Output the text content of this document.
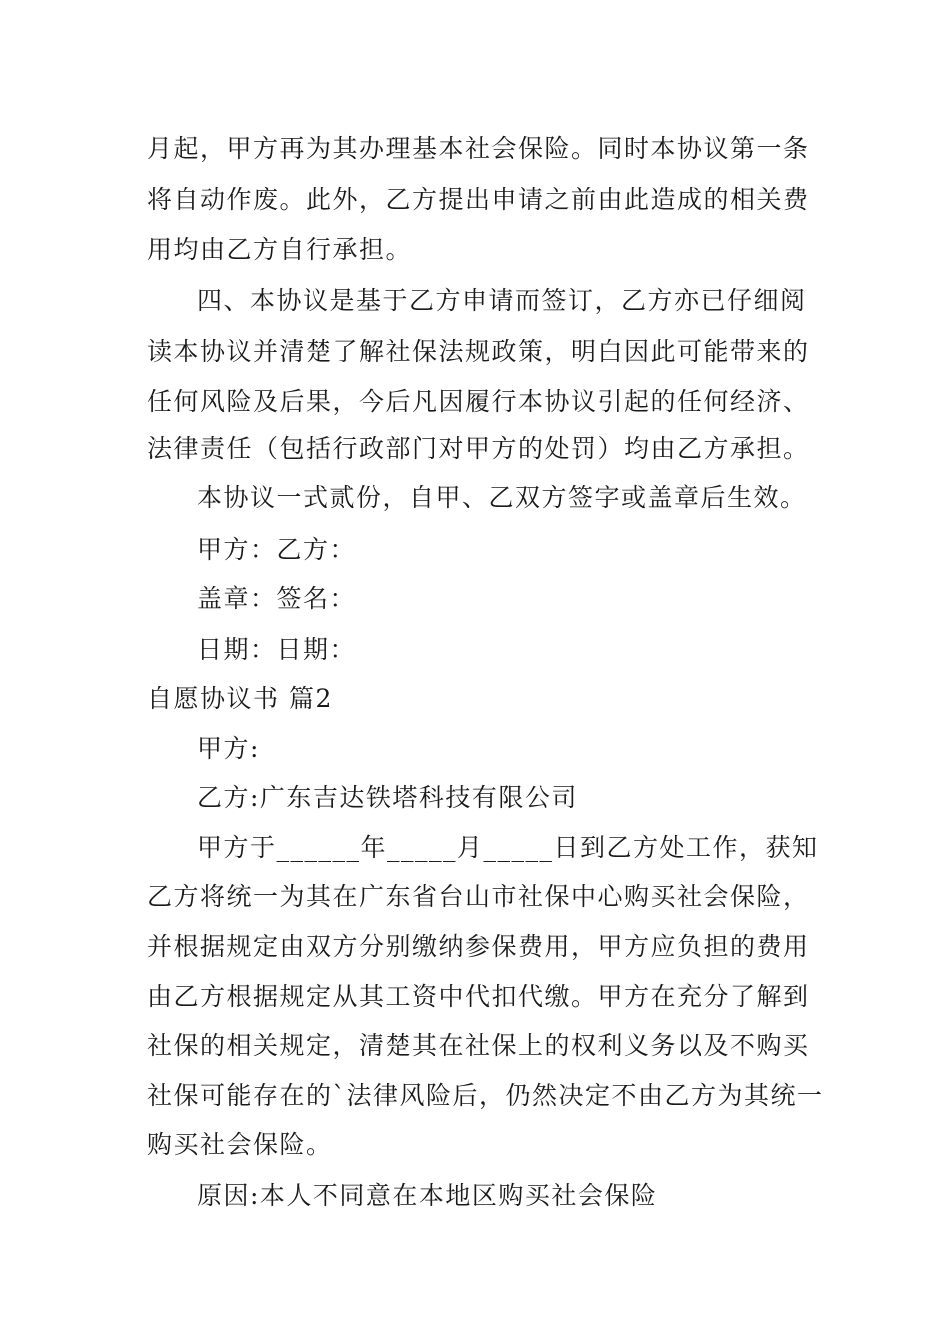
月起，甲方再为其办理基本社会保险。同时本协议第一条
将自动作废。此外，乙方提出申请之前由此造成的相关费
用均由乙方自行承担。
四、本协议是基于乙方申请而签订，乙方亦已仔细阅
读本协议并清楚了解社保法规政策，明白因此可能带来的
任何风险及后果，今后凡因履行本协议引起的任何经济、
法律责任（包括行政部门对甲方的处罚）均由乙方承担。
本协议一式贰份，自甲、乙双方签字或盖章后生效。
甲方：乙方：
盖章：签名：
日期：日期：
自愿协议书 篇2
甲方:
乙方:广东吉达铁塔科技有限公司
甲方于______年_____月_____日到乙方处工作，获知
乙方将统一为其在广东省台山市社保中心购买社会保险，
并根据规定由双方分别缴纳参保费用，甲方应负担的费用
由乙方根据规定从其工资中代扣代缴。甲方在充分了解到
社保的相关规定，清楚其在社保上的权利义务以及不购买
社保可能存在的`法律风险后，仍然决定不由乙方为其统一
购买社会保险。
原因:本人不同意在本地区购买社会保险
